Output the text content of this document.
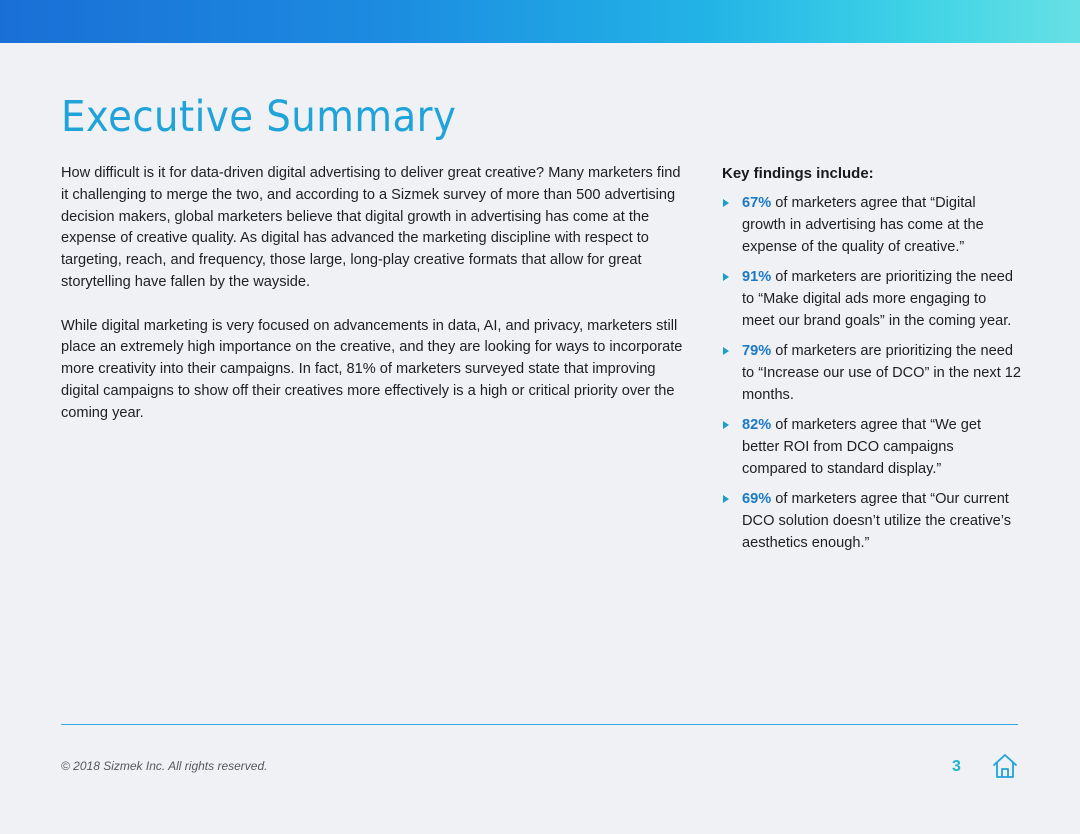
Executive Summary

How difficult is it for data-driven digital advertising to deliver great creative? Many marketers find it challenging to merge the two, and according to a Sizmek survey of more than 500 advertising decision makers, global marketers believe that digital growth in advertising has come at the expense of creative quality. As digital has advanced the marketing discipline with respect to targeting, reach, and frequency, those large, long-play creative formats that allow for great storytelling have fallen by the wayside.

While digital marketing is very focused on advancements in data, AI, and privacy, marketers still place an extremely high importance on the creative, and they are looking for ways to incorporate more creativity into their campaigns. In fact, 81% of marketers surveyed state that improving digital campaigns to show off their creatives more effectively is a high or critical priority over the coming year.

Key findings include:
67% of marketers agree that “Digital growth in advertising has come at the expense of the quality of creative.”
91% of marketers are prioritizing the need to “Make digital ads more engaging to meet our brand goals” in the coming year.
79% of marketers are prioritizing the need to “Increase our use of DCO” in the next 12 months.
82% of marketers agree that “We get better ROI from DCO campaigns compared to standard display.”
69% of marketers agree that “Our current DCO solution doesn’t utilize the creative’s aesthetics enough.”
© 2018 Sizmek Inc. All rights reserved.	3
